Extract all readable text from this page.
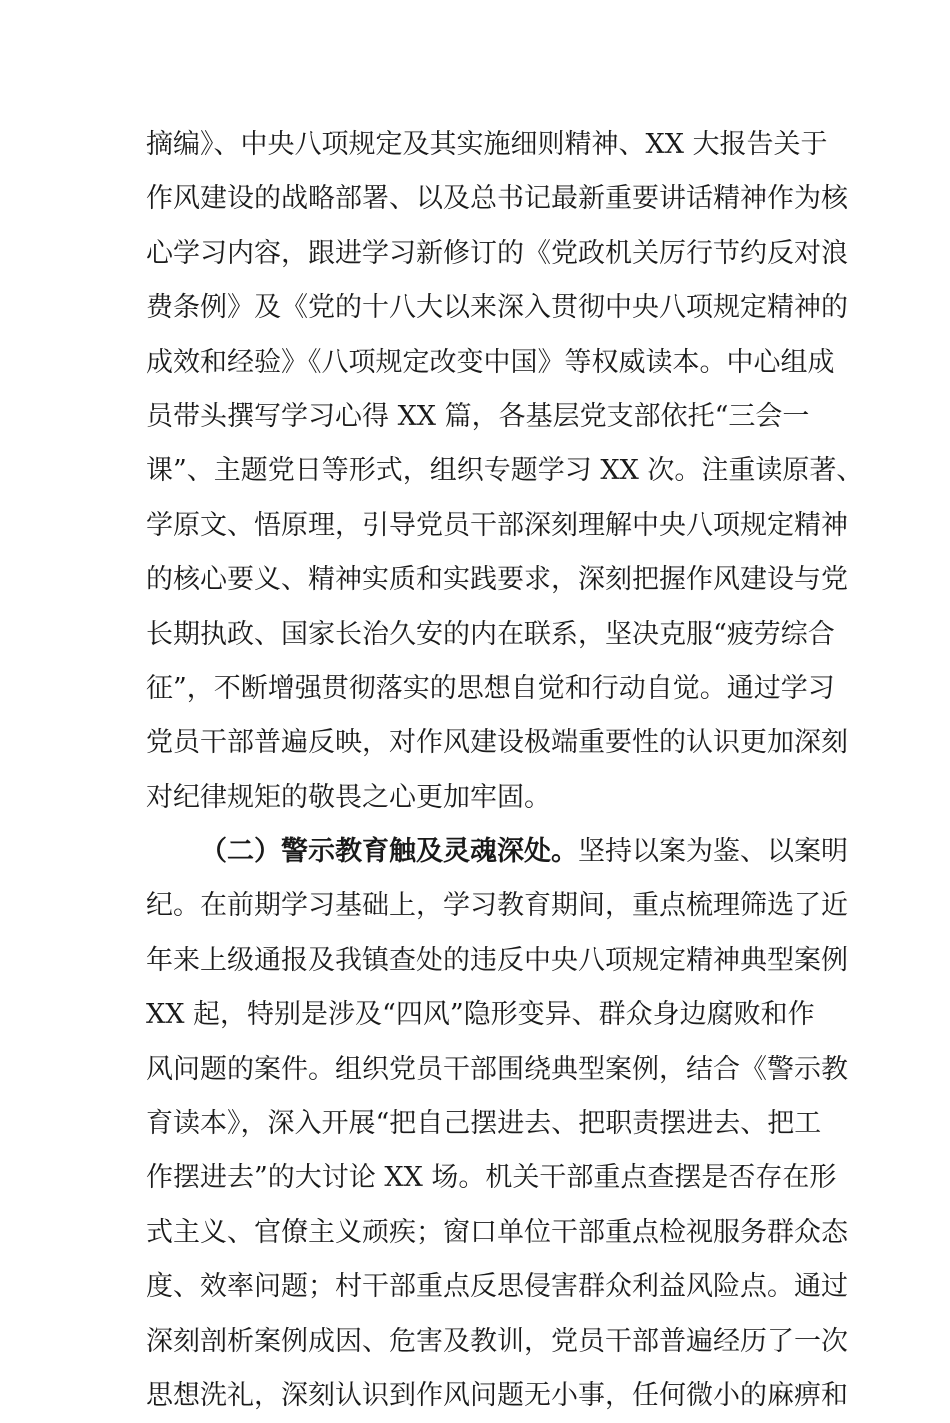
摘编》、中央八项规定及其实施细则精神、XX 大报告关于
作风建设的战略部署、以及总书记最新重要讲话精神作为核
心学习内容，跟进学习新修订的《党政机关厉行节约反对浪
费条例》及《党的十八大以来深入贯彻中央八项规定精神的
成效和经验》《八项规定改变中国》等权威读本。中心组成
员带头撰写学习心得 XX 篇，各基层党支部依托“三会一
课”、主题党日等形式，组织专题学习 XX 次。注重读原著、
学原文、悟原理，引导党员干部深刻理解中央八项规定精神
的核心要义、精神实质和实践要求，深刻把握作风建设与党
长期执政、国家长治久安的内在联系，坚决克服“疲劳综合
征”，不断增强贯彻落实的思想自觉和行动自觉。通过学习
党员干部普遍反映，对作风建设极端重要性的认识更加深刻
对纪律规矩的敬畏之心更加牢固。
（二）警示教育触及灵魂深处。坚持以案为鉴、以案明
纪。在前期学习基础上，学习教育期间，重点梳理筛选了近
年来上级通报及我镇查处的违反中央八项规定精神典型案例
XX 起，特别是涉及“四风”隐形变异、群众身边腐败和作
风问题的案件。组织党员干部围绕典型案例，结合《警示教
育读本》，深入开展“把自己摆进去、把职责摆进去、把工
作摆进去”的大讨论 XX 场。机关干部重点查摆是否存在形
式主义、官僚主义顽疾；窗口单位干部重点检视服务群众态
度、效率问题；村干部重点反思侵害群众利益风险点。通过
深刻剖析案例成因、危害及教训，党员干部普遍经历了一次
思想洗礼，深刻认识到作风问题无小事，任何微小的麻痹和
